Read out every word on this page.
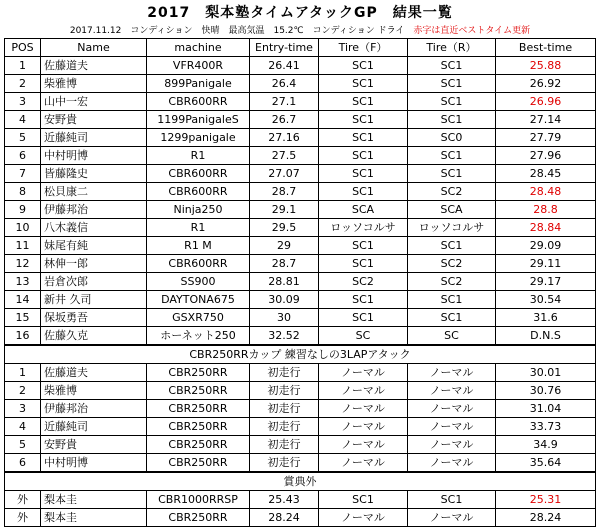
2017　梨本塾タイムアタックGP　結果一覧
2017.11.12　コンディション　快晴　最高気温　15.2℃　コンディション ドライ　赤字は直近ベストタイム更新
POS	Name	machine	Entry-time	Tire（F）	Tire（R）	Best-time
1	佐藤道夫	VFR400R	26.41	SC1	SC1	25.88
2	柴雅博	899Panigale	26.4	SC1	SC1	26.92
3	山中一宏	CBR600RR	27.1	SC1	SC1	26.96
4	安野貴	1199PanigaleS	26.7	SC1	SC1	27.14
5	近藤純司	1299panigale	27.16	SC1	SC0	27.79
6	中村明博	R1	27.5	SC1	SC1	27.96
7	皆藤隆史	CBR600RR	27.07	SC1	SC1	28.45
8	松貝康二	CBR600RR	28.7	SC1	SC2	28.48
9	伊藤邦治	Ninja250	29.1	SCA	SCA	28.8
10	八木義信	R1	29.5	ロッソコルサ	ロッソコルサ	28.84
11	妹尾有純	R1 M	29	SC1	SC1	29.09
12	林伸一郎	CBR600RR	28.7	SC1	SC2	29.11
13	岩倉次郎	SS900	28.81	SC2	SC2	29.17
14	新井 久司	DAYTONA675	30.09	SC1	SC1	30.54
15	保坂勇吾	GSXR750	30	SC1	SC1	31.6
16	佐藤久克	ホーネット250	32.52	SC	SC	D.N.S
CBR250RRカップ 練習なしの3LAPアタック						
1	佐藤道夫	CBR250RR	初走行	ノーマル	ノーマル	30.01
2	柴雅博	CBR250RR	初走行	ノーマル	ノーマル	30.76
3	伊藤邦治	CBR250RR	初走行	ノーマル	ノーマル	31.04
4	近藤純司	CBR250RR	初走行	ノーマル	ノーマル	33.73
5	安野貴	CBR250RR	初走行	ノーマル	ノーマル	34.9
6	中村明博	CBR250RR	初走行	ノーマル	ノーマル	35.64
賞典外						
外	梨本圭	CBR1000RRSP	25.43	SC1	SC1	25.31
外	梨本圭	CBR250RR	28.24	ノーマル	ノーマル	28.24
